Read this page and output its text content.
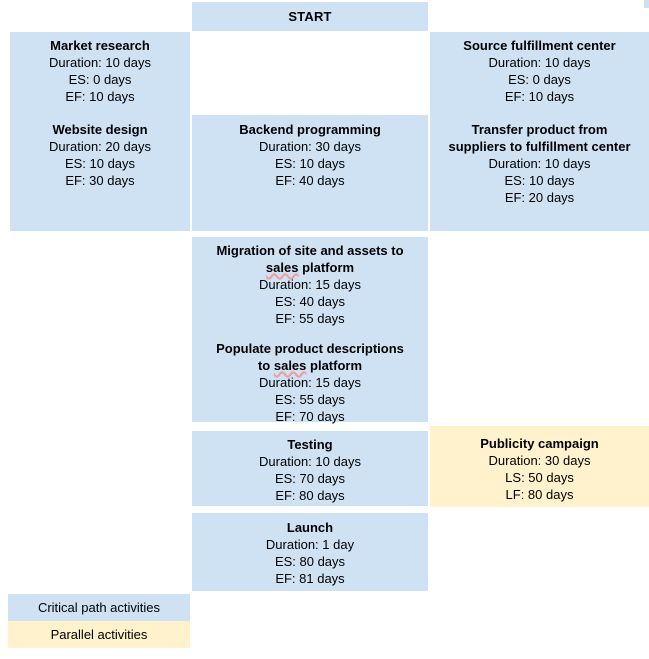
START
Market research
Duration: 10 days
ES: 0 days
EF: 10 days
Website design
Duration: 20 days
ES: 10 days
EF: 30 days
Backend programming
Duration: 30 days
ES: 10 days
EF: 40 days
Source fulfillment center
Duration: 10 days
ES: 0 days
EF: 10 days
Transfer product from suppliers to fulfillment center
Duration: 10 days
ES: 10 days
EF: 20 days
Migration of site and assets to
sales platform
Duration: 15 days
ES: 40 days
EF: 55 days
Populate product descriptions
to sales platform
Duration: 15 days
ES: 55 days
EF: 70 days
Testing
Duration: 10 days
ES: 70 days
EF: 80 days
Publicity campaign
Duration: 30 days
LS: 50 days
LF: 80 days
Launch
Duration: 1 day
ES: 80 days
EF: 81 days
Critical path activities
Parallel activities
